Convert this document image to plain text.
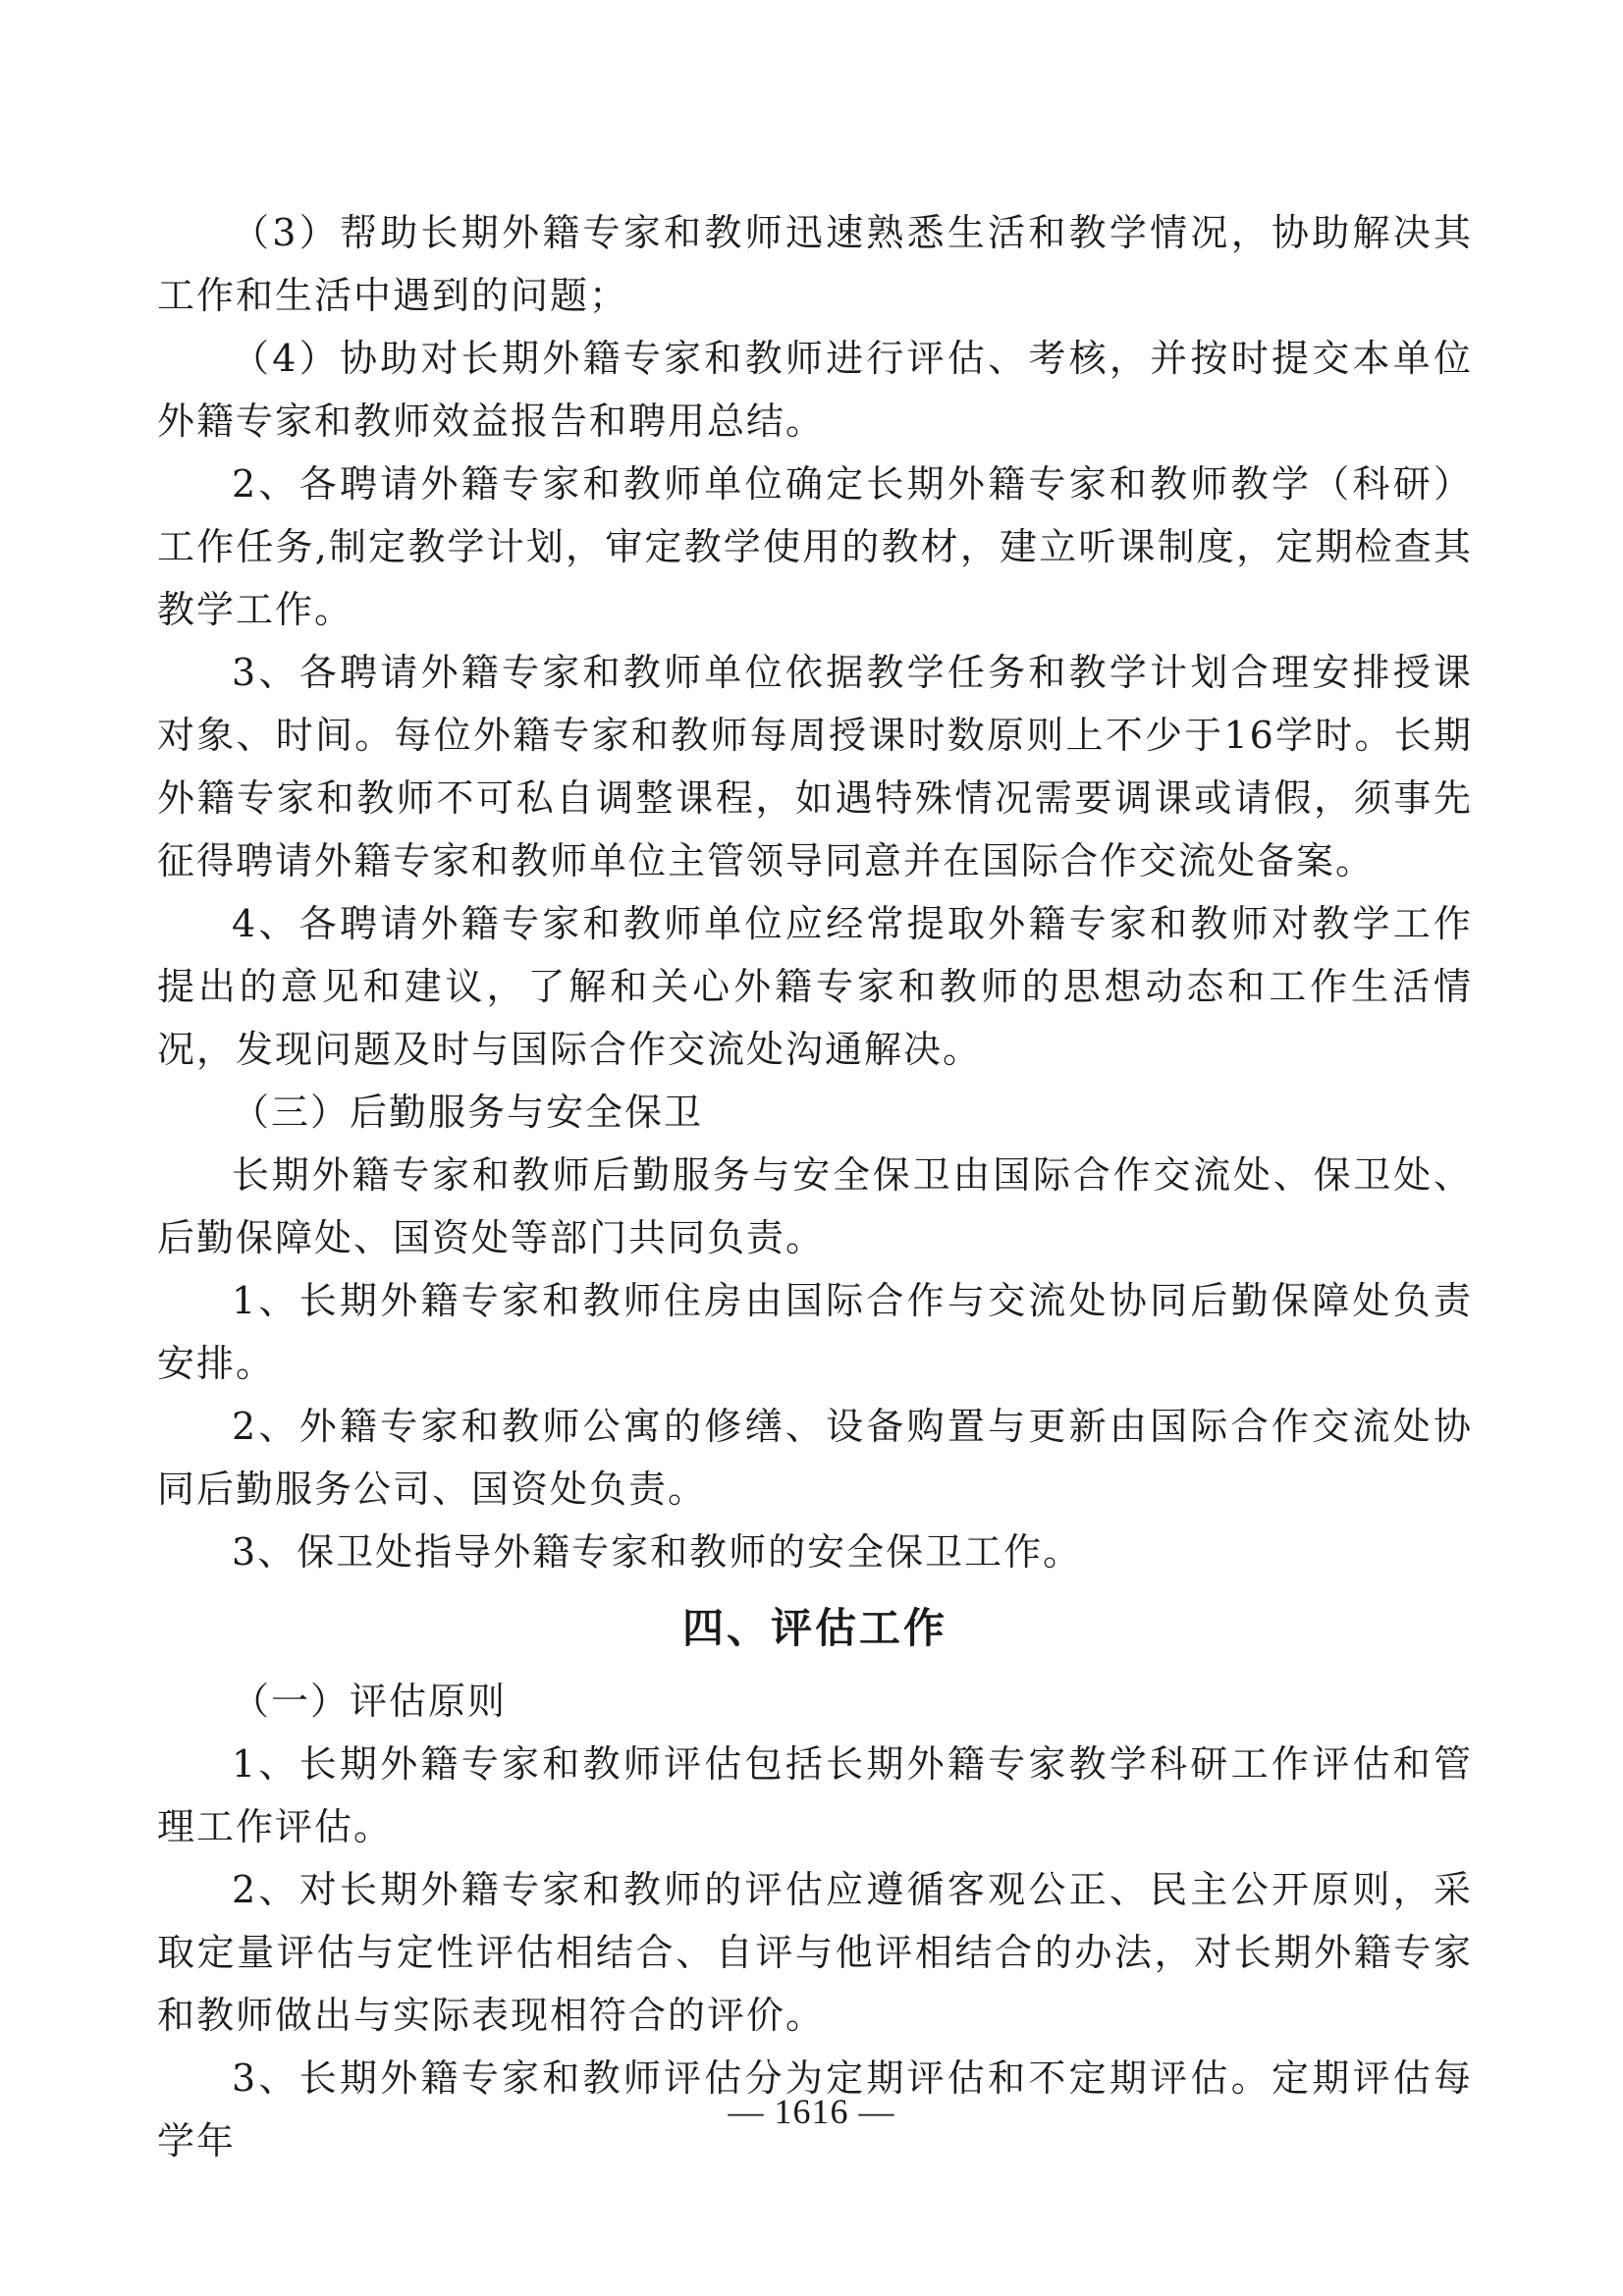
（3）帮助长期外籍专家和教师迅速熟悉生活和教学情况，协助解决其工作和生活中遇到的问题；

（4）协助对长期外籍专家和教师进行评估、考核，并按时提交本单位外籍专家和教师效益报告和聘用总结。

2、各聘请外籍专家和教师单位确定长期外籍专家和教师教学（科研）工作任务,制定教学计划，审定教学使用的教材，建立听课制度，定期检查其教学工作。

3、各聘请外籍专家和教师单位依据教学任务和教学计划合理安排授课对象、时间。每位外籍专家和教师每周授课时数原则上不少于16学时。长期外籍专家和教师不可私自调整课程，如遇特殊情况需要调课或请假，须事先征得聘请外籍专家和教师单位主管领导同意并在国际合作交流处备案。

4、各聘请外籍专家和教师单位应经常提取外籍专家和教师对教学工作提出的意见和建议，了解和关心外籍专家和教师的思想动态和工作生活情况，发现问题及时与国际合作交流处沟通解决。

（三）后勤服务与安全保卫

长期外籍专家和教师后勤服务与安全保卫由国际合作交流处、保卫处、后勤保障处、国资处等部门共同负责。

1、长期外籍专家和教师住房由国际合作与交流处协同后勤保障处负责安排。

2、外籍专家和教师公寓的修缮、设备购置与更新由国际合作交流处协同后勤服务公司、国资处负责。

3、保卫处指导外籍专家和教师的安全保卫工作。

四、评估工作

（一）评估原则

1、长期外籍专家和教师评估包括长期外籍专家教学科研工作评估和管理工作评估。

2、对长期外籍专家和教师的评估应遵循客观公正、民主公开原则，采取定量评估与定性评估相结合、自评与他评相结合的办法，对长期外籍专家和教师做出与实际表现相符合的评价。

3、长期外籍专家和教师评估分为定期评估和不定期评估。定期评估每学年

— 1616 —
